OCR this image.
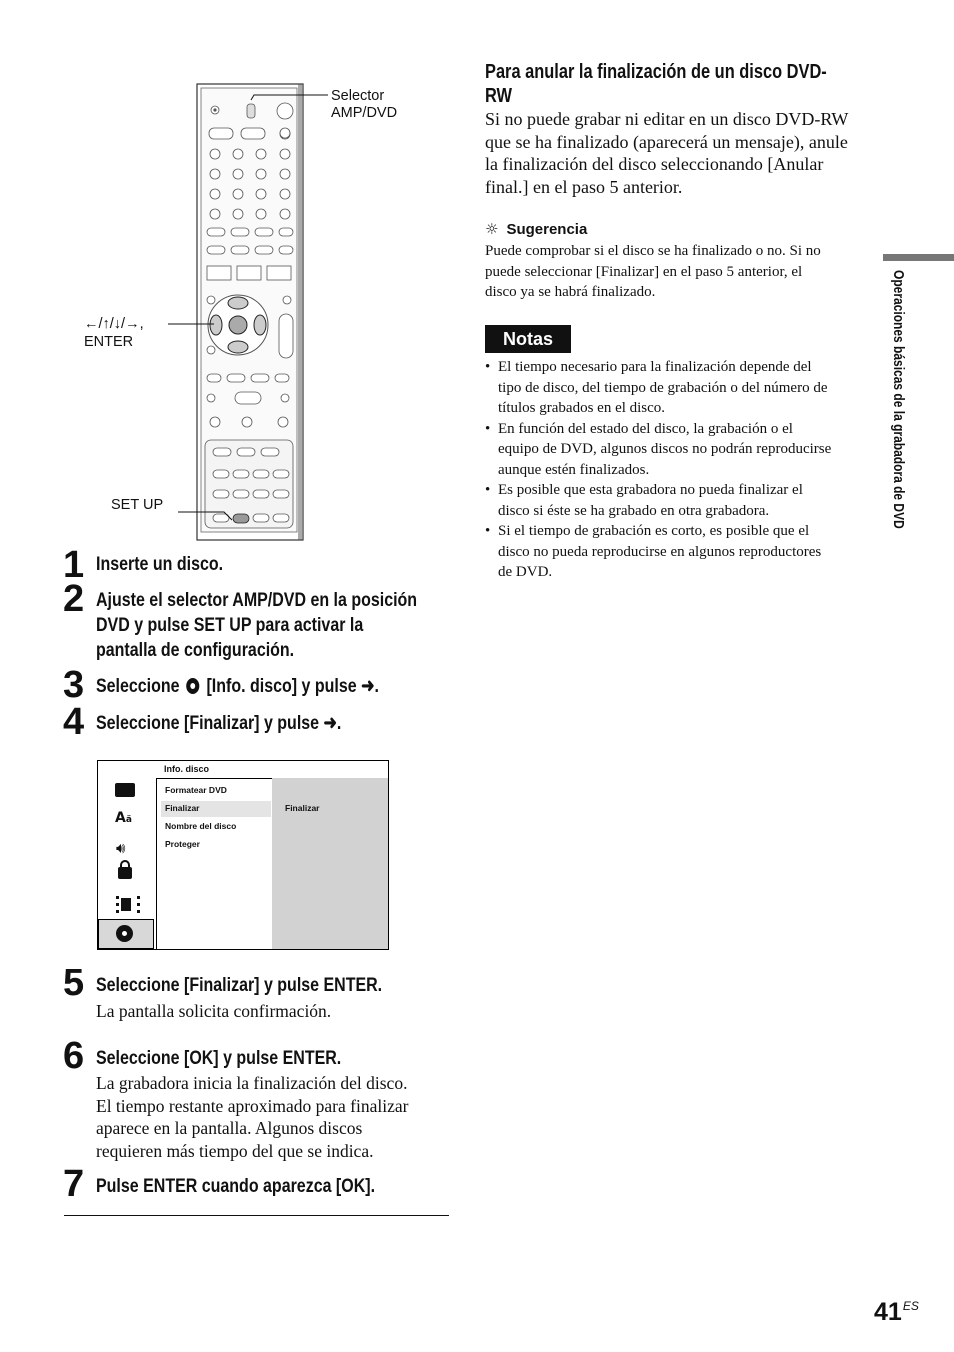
Selector
AMP/DVD
←/↑/↓/→,
ENTER
SET UP
1 Inserte un disco.
2 Ajuste el selector AMP/DVD en la posición
DVD y pulse SET UP para activar la
pantalla de configuración.
3 Seleccione [Info. disco] y pulse ➜.
4 Seleccione [Finalizar] y pulse ➜.
Info. disco
Aä
🔊︎
Formatear DVD
Finalizar
Nombre del disco
Proteger
Finalizar
5 Seleccione [Finalizar] y pulse ENTER.
La pantalla solicita confirmación.
6 Seleccione [OK] y pulse ENTER.
La grabadora inicia la finalización del disco.
El tiempo restante aproximado para finalizar
aparece en la pantalla. Algunos discos
requieren más tiempo del que se indica.
7 Pulse ENTER cuando aparezca [OK].
Para anular la finalización de un disco DVD-
RW
Si no puede grabar ni editar en un disco DVD-RW
que se ha finalizado (aparecerá un mensaje), anule
la finalización del disco seleccionando [Anular
final.] en el paso 5 anterior.
☼ Sugerencia
Puede comprobar si el disco se ha finalizado o no. Si no
puede seleccionar [Finalizar] en el paso 5 anterior, el
disco ya se habrá finalizado.
Notas
• El tiempo necesario para la finalización depende del
tipo de disco, del tiempo de grabación o del número de
títulos grabados en el disco.
• En función del estado del disco, la grabación o el
equipo de DVD, algunos discos no podrán reproducirse
aunque estén finalizados.
• Es posible que esta grabadora no pueda finalizar el
disco si éste se ha grabado en otra grabadora.
• Si el tiempo de grabación es corto, es posible que el
disco no pueda reproducirse en algunos reproductores
de DVD.
Operaciones básicas de la grabadora de DVD
$41^{ES}$
